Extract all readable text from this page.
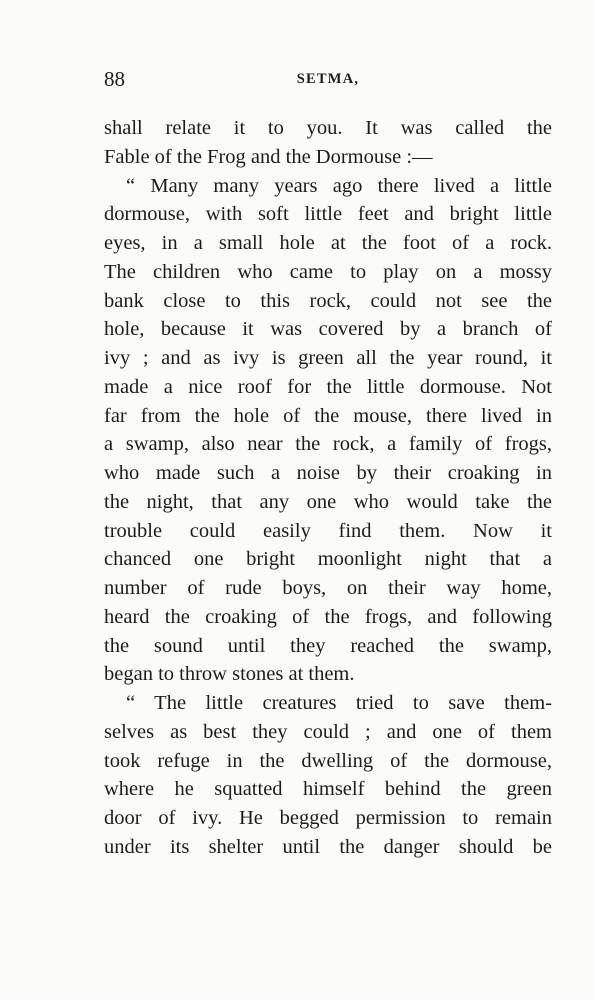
88	SETMA,
shall relate it to you. It was called the
Fable of the Frog and the Dormouse :—
“ Many many years ago there lived a little
dormouse, with soft little feet and bright little
eyes, in a small hole at the foot of a rock.
The children who came to play on a mossy
bank close to this rock, could not see the
hole, because it was covered by a branch of
ivy ; and as ivy is green all the year round, it
made a nice roof for the little dormouse. Not
far from the hole of the mouse, there lived in
a swamp, also near the rock, a family of frogs,
who made such a noise by their croaking in
the night, that any one who would take the
trouble could easily find them. Now it
chanced one bright moonlight night that a
number of rude boys, on their way home,
heard the croaking of the frogs, and following
the sound until they reached the swamp,
began to throw stones at them.
“ The little creatures tried to save them-
selves as best they could ; and one of them
took refuge in the dwelling of the dormouse,
where he squatted himself behind the green
door of ivy. He begged permission to remain
under its shelter until the danger should be
